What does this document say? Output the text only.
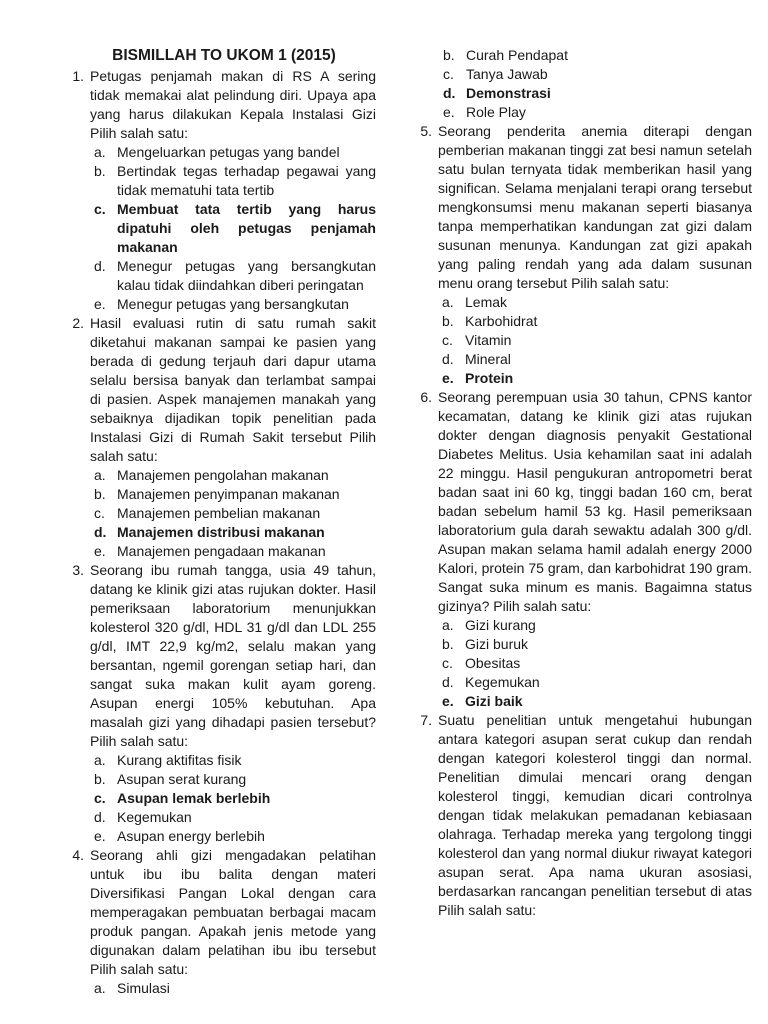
BISMILLAH TO UKOM 1 (2015)
1. Petugas penjamah makan di RS A sering tidak memakai alat pelindung diri. Upaya apa yang harus dilakukan Kepala Instalasi Gizi Pilih salah satu:
a. Mengeluarkan petugas yang bandel
b. Bertindak tegas terhadap pegawai yang tidak mematuhi tata tertib
c. Membuat tata tertib yang harus dipatuhi oleh petugas penjamah makanan
d. Menegur petugas yang bersangkutan kalau tidak diindahkan diberi peringatan
e. Menegur petugas yang bersangkutan
2. Hasil evaluasi rutin di satu rumah sakit diketahui makanan sampai ke pasien yang berada di gedung terjauh dari dapur utama selalu bersisa banyak dan terlambat sampai di pasien. Aspek manajemen manakah yang sebaiknya dijadikan topik penelitian pada Instalasi Gizi di Rumah Sakit tersebut Pilih salah satu:
a. Manajemen pengolahan makanan
b. Manajemen penyimpanan makanan
c. Manajemen pembelian makanan
d. Manajemen distribusi makanan
e. Manajemen pengadaan makanan
3. Seorang ibu rumah tangga, usia 49 tahun, datang ke klinik gizi atas rujukan dokter. Hasil pemeriksaan laboratorium menunjukkan kolesterol 320 g/dl, HDL 31 g/dl dan LDL 255 g/dl, IMT 22,9 kg/m2, selalu makan yang bersantan, ngemil gorengan setiap hari, dan sangat suka makan kulit ayam goreng. Asupan energi 105% kebutuhan. Apa masalah gizi yang dihadapi pasien tersebut? Pilih salah satu:
a. Kurang aktifitas fisik
b. Asupan serat kurang
c. Asupan lemak berlebih
d. Kegemukan
e. Asupan energy berlebih
4. Seorang ahli gizi mengadakan pelatihan untuk ibu ibu balita dengan materi Diversifikasi Pangan Lokal dengan cara memperagakan pembuatan berbagai macam produk pangan. Apakah jenis metode yang digunakan dalam pelatihan ibu ibu tersebut Pilih salah satu:
a. Simulasi
b. Curah Pendapat
c. Tanya Jawab
d. Demonstrasi
e. Role Play
5. Seorang penderita anemia diterapi dengan pemberian makanan tinggi zat besi namun setelah satu bulan ternyata tidak memberikan hasil yang significan. Selama menjalani terapi orang tersebut mengkonsumsi menu makanan seperti biasanya tanpa memperhatikan kandungan zat gizi dalam susunan menunya. Kandungan zat gizi apakah yang paling rendah yang ada dalam susunan menu orang tersebut Pilih salah satu:
a. Lemak
b. Karbohidrat
c. Vitamin
d. Mineral
e. Protein
6. Seorang perempuan usia 30 tahun, CPNS kantor kecamatan, datang ke klinik gizi atas rujukan dokter dengan diagnosis penyakit Gestational Diabetes Melitus. Usia kehamilan saat ini adalah 22 minggu. Hasil pengukuran antropometri berat badan saat ini 60 kg, tinggi badan 160 cm, berat badan sebelum hamil 53 kg. Hasil pemeriksaan laboratorium gula darah sewaktu adalah 300 g/dl. Asupan makan selama hamil adalah energy 2000 Kalori, protein 75 gram, dan karbohidrat 190 gram. Sangat suka minum es manis. Bagaimna status gizinya? Pilih salah satu:
a. Gizi kurang
b. Gizi buruk
c. Obesitas
d. Kegemukan
e. Gizi baik
7. Suatu penelitian untuk mengetahui hubungan antara kategori asupan serat cukup dan rendah dengan kategori kolesterol tinggi dan normal. Penelitian dimulai mencari orang dengan kolesterol tinggi, kemudian dicari controlnya dengan tidak melakukan pemadanan kebiasaan olahraga. Terhadap mereka yang tergolong tinggi kolesterol dan yang normal diukur riwayat kategori asupan serat. Apa nama ukuran asosiasi, berdasarkan rancangan penelitian tersebut di atas Pilih salah satu:
